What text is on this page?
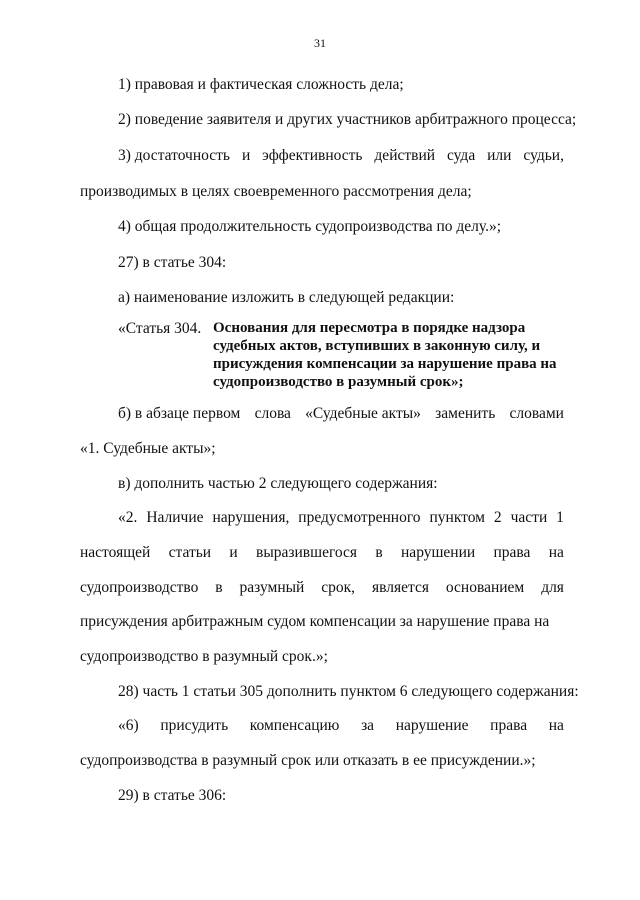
31
1) правовая и фактическая сложность дела;
2) поведение заявителя и других участников арбитражного процесса;
3) достаточность и эффективность действий суда или судьи,
производимых в целях своевременного рассмотрения дела;
4) общая продолжительность судопроизводства по делу.»;
27) в статье 304:
а) наименование изложить в следующей редакции:
«Статья 304. Основания для пересмотра в порядке надзора
судебных актов, вступивших в законную силу, и
присуждения компенсации за нарушение права на
судопроизводство в разумный срок»;
б) в абзаце первом слова «Судебные акты» заменить словами
«1. Судебные акты»;
в) дополнить частью 2 следующего содержания:
«2. Наличие нарушения, предусмотренного пунктом 2 части 1
настоящей статьи и выразившегося в нарушении права на
судопроизводство в разумный срок, является основанием для
присуждения арбитражным судом компенсации за нарушение права на
судопроизводство в разумный срок.»;
28) часть 1 статьи 305 дополнить пунктом 6 следующего содержания:
«6) присудить компенсацию за нарушение права на
судопроизводства в разумный срок или отказать в ее присуждении.»;
29) в статье 306:
